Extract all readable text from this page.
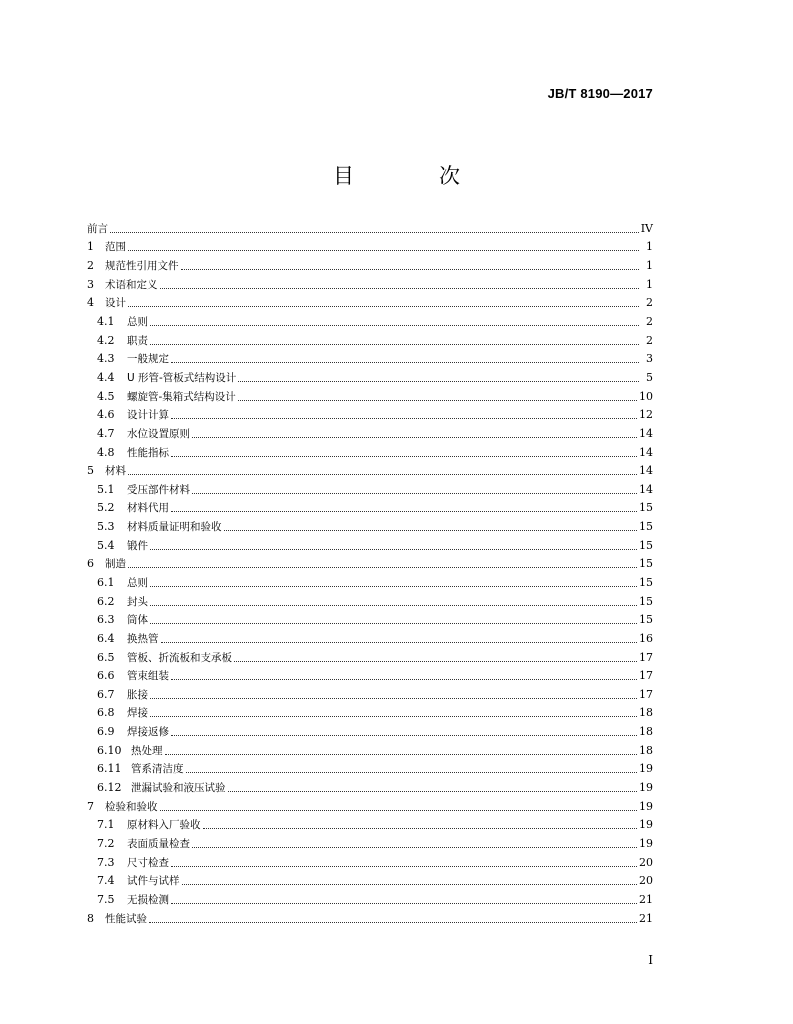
JB/T 8190—2017
目　次
前言	IV
1	范围	1
2	规范性引用文件	1
3	术语和定义	1
4	设计	2
4.1	总则	2
4.2	职责	2
4.3	一般规定	3
4.4	U 形管-管板式结构设计	5
4.5	螺旋管-集箱式结构设计	10
4.6	设计计算	12
4.7	水位设置原则	14
4.8	性能指标	14
5	材料	14
5.1	受压部件材料	14
5.2	材料代用	15
5.3	材料质量证明和验收	15
5.4	锻件	15
6	制造	15
6.1	总则	15
6.2	封头	15
6.3	筒体	15
6.4	换热管	16
6.5	管板、折流板和支承板	17
6.6	管束组装	17
6.7	胀接	17
6.8	焊接	18
6.9	焊接返修	18
6.10 热处理	18
6.11 管系清洁度	19
6.12 泄漏试验和液压试验	19
7	检验和验收	19
7.1	原材料入厂验收	19
7.2	表面质量检查	19
7.3	尺寸检查	20
7.4	试件与试样	20
7.5	无损检测	21
8	性能试验	21
I
